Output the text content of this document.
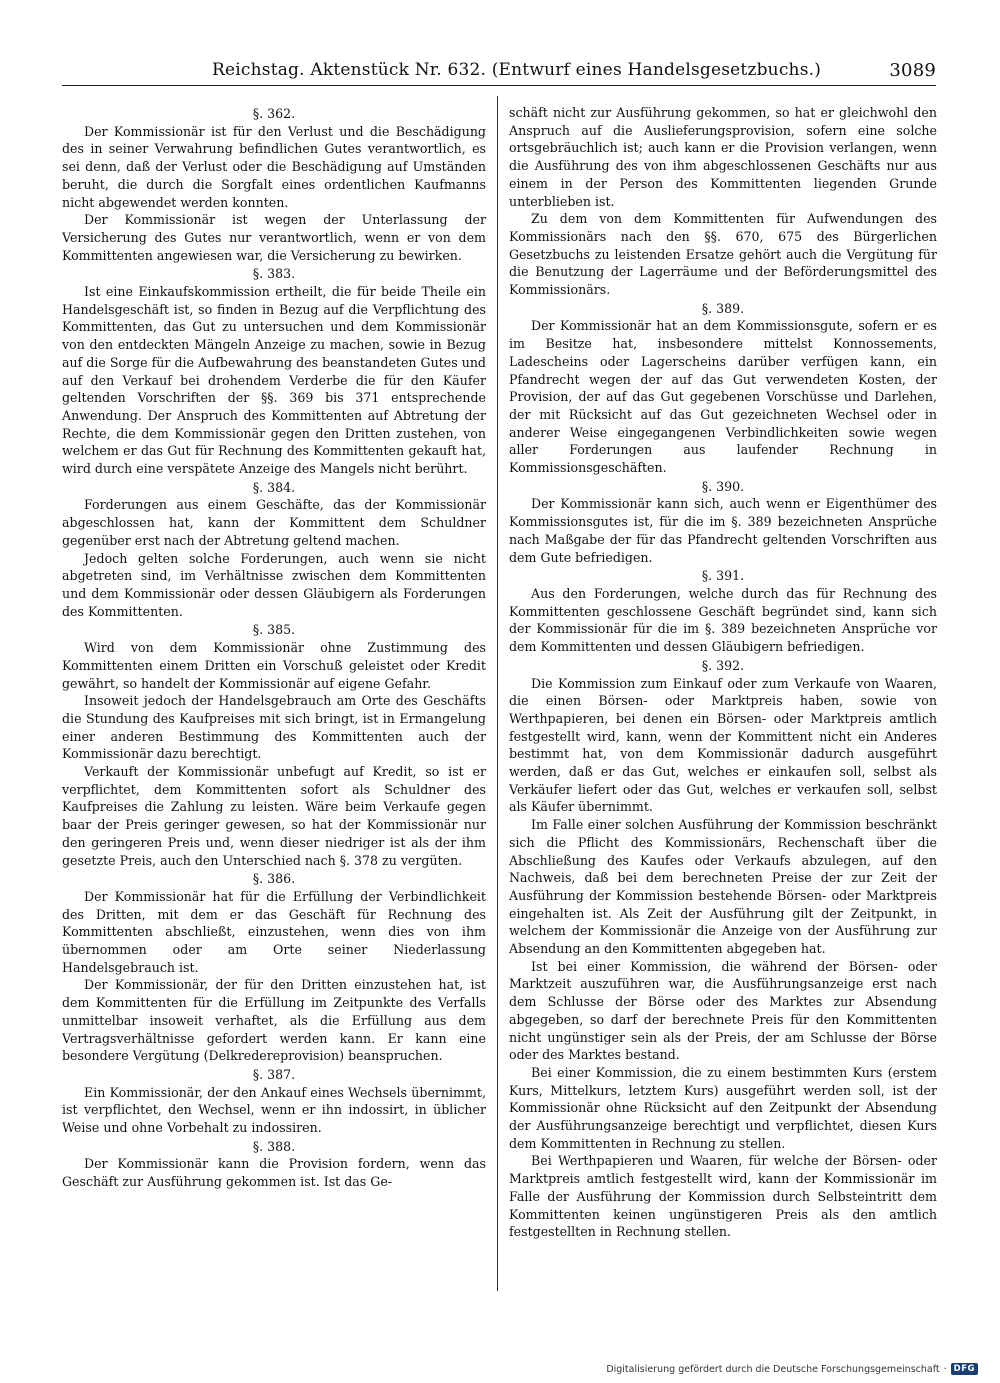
Reichstag. Aktenstück Nr. 632. (Entwurf eines Handelsgesetzbuchs.)	3089
§. 362.

Der Kommissionär ist für den Verlust und die Beschädigung des in seiner Verwahrung befindlichen Gutes verantwortlich, es sei denn, daß der Verlust oder die Beschädigung auf Umständen beruht, die durch die Sorgfalt eines ordentlichen Kaufmanns nicht abgewendet werden konnten.

Der Kommissionär ist wegen der Unterlassung der Versicherung des Gutes nur verantwortlich, wenn er von dem Kommittenten angewiesen war, die Versicherung zu bewirken.

§. 383.

Ist eine Einkaufskommission ertheilt, die für beide Theile ein Handelsgeschäft ist, so finden in Bezug auf die Verpflichtung des Kommittenten, das Gut zu untersuchen und dem Kommissionär von den entdeckten Mängeln Anzeige zu machen, sowie in Bezug auf die Sorge für die Aufbewahrung des beanstandeten Gutes und auf den Verkauf bei drohendem Verderbe die für den Käufer geltenden Vorschriften der §§. 369 bis 371 entsprechende Anwendung. Der Anspruch des Kommittenten auf Abtretung der Rechte, die dem Kommissionär gegen den Dritten zustehen, von welchem er das Gut für Rechnung des Kommittenten gekauft hat, wird durch eine verspätete Anzeige des Mangels nicht berührt.

§. 384.

Forderungen aus einem Geschäfte, das der Kommissionär abgeschlossen hat, kann der Kommittent dem Schuldner gegenüber erst nach der Abtretung geltend machen.

Jedoch gelten solche Forderungen, auch wenn sie nicht abgetreten sind, im Verhältnisse zwischen dem Kommittenten und dem Kommissionär oder dessen Gläubigern als Forderungen des Kommittenten.

§. 385.

Wird von dem Kommissionär ohne Zustimmung des Kommittenten einem Dritten ein Vorschuß geleistet oder Kredit gewährt, so handelt der Kommissionär auf eigene Gefahr.

Insoweit jedoch der Handelsgebrauch am Orte des Geschäfts die Stundung des Kaufpreises mit sich bringt, ist in Ermangelung einer anderen Bestimmung des Kommittenten auch der Kommissionär dazu berechtigt.

Verkauft der Kommissionär unbefugt auf Kredit, so ist er verpflichtet, dem Kommittenten sofort als Schuldner des Kaufpreises die Zahlung zu leisten. Wäre beim Verkaufe gegen baar der Preis geringer gewesen, so hat der Kommissionär nur den geringeren Preis und, wenn dieser niedriger ist als der ihm gesetzte Preis, auch den Unterschied nach §. 378 zu vergüten.

§. 386.

Der Kommissionär hat für die Erfüllung der Verbindlichkeit des Dritten, mit dem er das Geschäft für Rechnung des Kommittenten abschließt, einzustehen, wenn dies von ihm übernommen oder am Orte seiner Niederlassung Handelsgebrauch ist.

Der Kommissionär, der für den Dritten einzustehen hat, ist dem Kommittenten für die Erfüllung im Zeitpunkte des Verfalls unmittelbar insoweit verhaftet, als die Erfüllung aus dem Vertragsverhältnisse gefordert werden kann. Er kann eine besondere Vergütung (Delkredereprovision) beanspruchen.

§. 387.

Ein Kommissionär, der den Ankauf eines Wechsels übernimmt, ist verpflichtet, den Wechsel, wenn er ihn indossirt, in üblicher Weise und ohne Vorbehalt zu indossiren.

§. 388.

Der Kommissionär kann die Provision fordern, wenn das Geschäft zur Ausführung gekommen ist. Ist das Ge-

schäft nicht zur Ausführung gekommen, so hat er gleichwohl den Anspruch auf die Auslieferungsprovision, sofern eine solche ortsgebräuchlich ist; auch kann er die Provision verlangen, wenn die Ausführung des von ihm abgeschlossenen Geschäfts nur aus einem in der Person des Kommittenten liegenden Grunde unterblieben ist.

Zu dem von dem Kommittenten für Aufwendungen des Kommissionärs nach den §§. 670, 675 des Bürgerlichen Gesetzbuchs zu leistenden Ersatze gehört auch die Vergütung für die Benutzung der Lagerräume und der Beförderungsmittel des Kommissionärs.

§. 389.

Der Kommissionär hat an dem Kommissionsgute, sofern er es im Besitze hat, insbesondere mittelst Konnossements, Ladescheins oder Lagerscheins darüber verfügen kann, ein Pfandrecht wegen der auf das Gut verwendeten Kosten, der Provision, der auf das Gut gegebenen Vorschüsse und Darlehen, der mit Rücksicht auf das Gut gezeichneten Wechsel oder in anderer Weise eingegangenen Verbindlichkeiten sowie wegen aller Forderungen aus laufender Rechnung in Kommissionsgeschäften.

§. 390.

Der Kommissionär kann sich, auch wenn er Eigenthümer des Kommissionsgutes ist, für die im §. 389 bezeichneten Ansprüche nach Maßgabe der für das Pfandrecht geltenden Vorschriften aus dem Gute befriedigen.

§. 391.

Aus den Forderungen, welche durch das für Rechnung des Kommittenten geschlossene Geschäft begründet sind, kann sich der Kommissionär für die im §. 389 bezeichneten Ansprüche vor dem Kommittenten und dessen Gläubigern befriedigen.

§. 392.

Die Kommission zum Einkauf oder zum Verkaufe von Waaren, die einen Börsen- oder Marktpreis haben, sowie von Werthpapieren, bei denen ein Börsen- oder Marktpreis amtlich festgestellt wird, kann, wenn der Kommittent nicht ein Anderes bestimmt hat, von dem Kommissionär dadurch ausgeführt werden, daß er das Gut, welches er einkaufen soll, selbst als Verkäufer liefert oder das Gut, welches er verkaufen soll, selbst als Käufer übernimmt.

Im Falle einer solchen Ausführung der Kommission beschränkt sich die Pflicht des Kommissionärs, Rechenschaft über die Abschließung des Kaufes oder Verkaufs abzulegen, auf den Nachweis, daß bei dem berechneten Preise der zur Zeit der Ausführung der Kommission bestehende Börsen- oder Marktpreis eingehalten ist. Als Zeit der Ausführung gilt der Zeitpunkt, in welchem der Kommissionär die Anzeige von der Ausführung zur Absendung an den Kommittenten abgegeben hat.

Ist bei einer Kommission, die während der Börsen- oder Marktzeit auszuführen war, die Ausführungsanzeige erst nach dem Schlusse der Börse oder des Marktes zur Absendung abgegeben, so darf der berechnete Preis für den Kommittenten nicht ungünstiger sein als der Preis, der am Schlusse der Börse oder des Marktes bestand.

Bei einer Kommission, die zu einem bestimmten Kurs (erstem Kurs, Mittelkurs, letztem Kurs) ausgeführt werden soll, ist der Kommissionär ohne Rücksicht auf den Zeitpunkt der Absendung der Ausführungsanzeige berechtigt und verpflichtet, diesen Kurs dem Kommittenten in Rechnung zu stellen.

Bei Werthpapieren und Waaren, für welche der Börsen- oder Marktpreis amtlich festgestellt wird, kann der Kommissionär im Falle der Ausführung der Kommission durch Selbsteintritt dem Kommittenten keinen ungünstigeren Preis als den amtlich festgestellten in Rechnung stellen.

Digitalisierung gefördert durch die Deutsche Forschungsgemeinschaft · DFG
